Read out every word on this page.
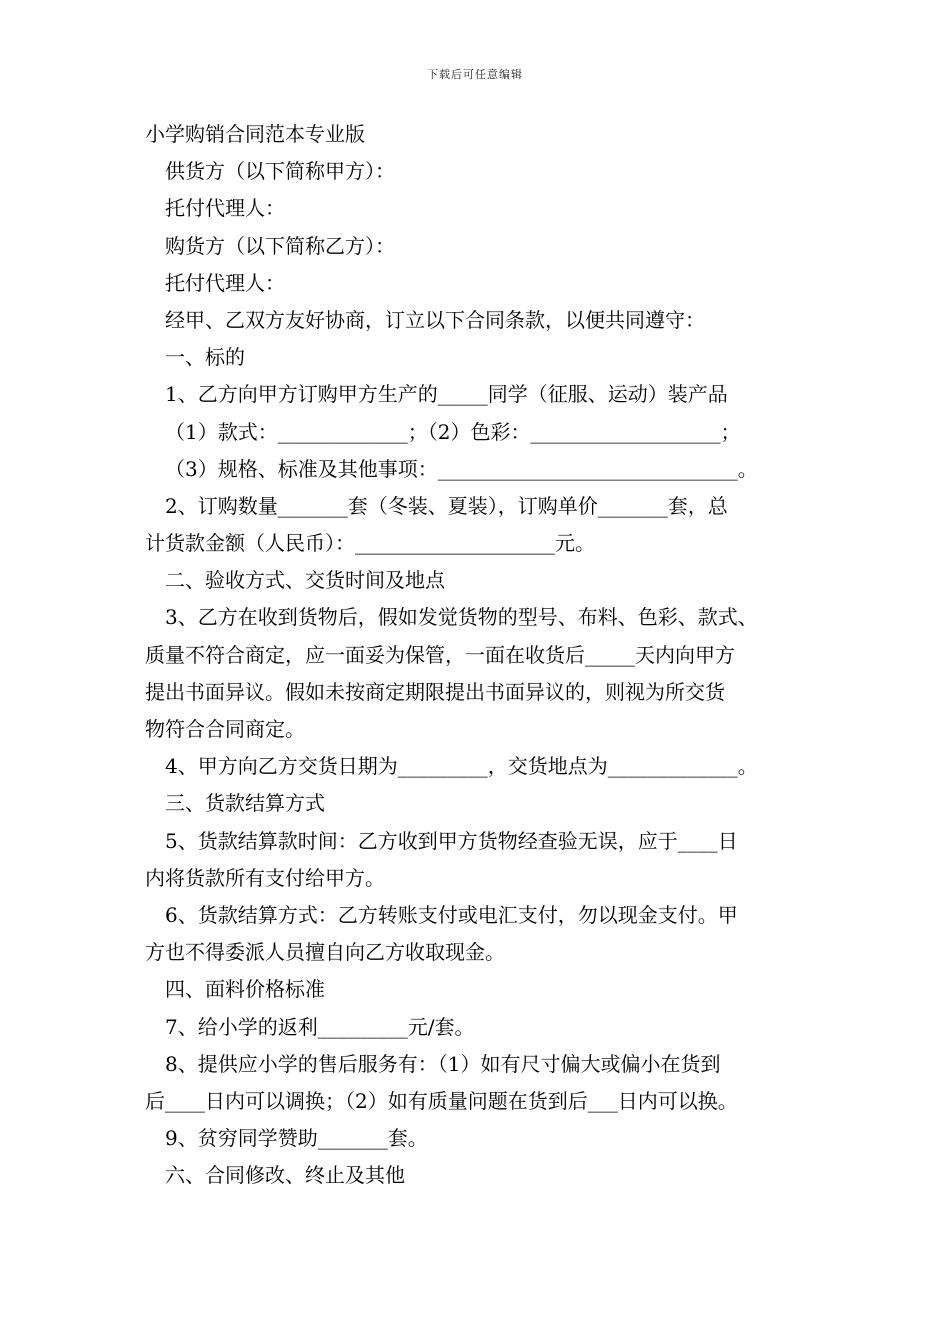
下载后可任意编辑
小学购销合同范本专业版
供货方（以下简称甲方）：
托付代理人：
购货方（以下简称乙方）：
托付代理人：
经甲、乙双方友好协商，订立以下合同条款，以便共同遵守：
一、标的
1、乙方向甲方订购甲方生产的_____同学（征服、运动）装产品
（1）款式：_____________；（2）色彩：___________________；
（3）规格、标准及其他事项：______________________________。
2、订购数量_______套（冬装、夏装），订购单价_______套，总
计货款金额（人民币）：____________________元。
二、验收方式、交货时间及地点
3、乙方在收到货物后，假如发觉货物的型号、布料、色彩、款式、
质量不符合商定，应一面妥为保管，一面在收货后_____天内向甲方
提出书面异议。假如未按商定期限提出书面异议的，则视为所交货
物符合合同商定。
4、甲方向乙方交货日期为_________，交货地点为_____________。
三、货款结算方式
5、货款结算款时间：乙方收到甲方货物经查验无误，应于____日
内将货款所有支付给甲方。
6、货款结算方式：乙方转账支付或电汇支付，勿以现金支付。甲
方也不得委派人员擅自向乙方收取现金。
四、面料价格标准
7、给小学的返利_________元/套。
8、提供应小学的售后服务有：（1）如有尺寸偏大或偏小在货到
后____日内可以调换；（2）如有质量问题在货到后___日内可以换。
9、贫穷同学赞助_______套。
六、合同修改、终止及其他
